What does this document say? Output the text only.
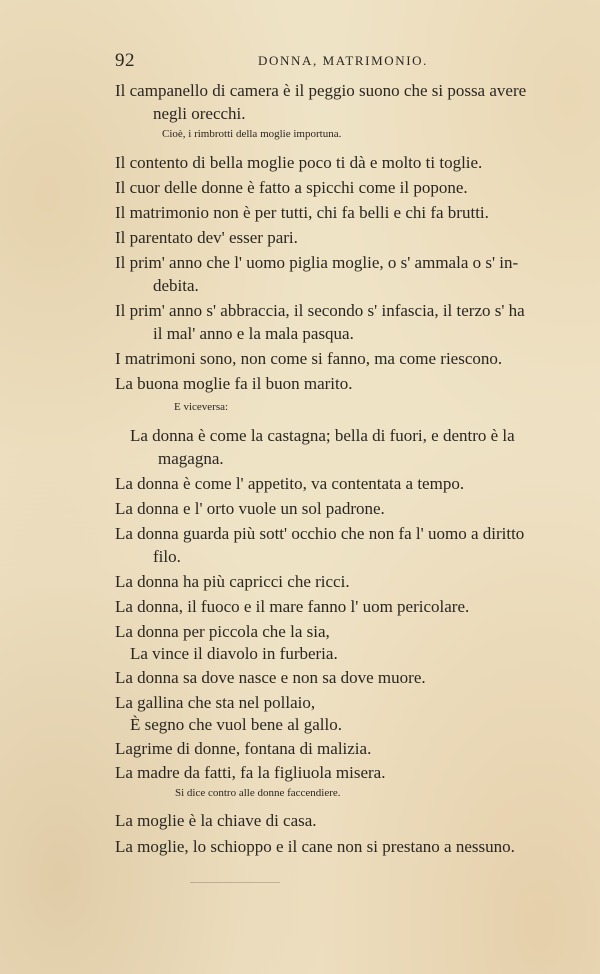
92	DONNA, MATRIMONIO.
Il campanello di camera è il peggio suono che si possa avere
negli orecchi.
Cioè, i rimbrotti della moglie importuna.
Il contento di bella moglie poco ti dà e molto ti toglie.
Il cuor delle donne è fatto a spicchi come il popone.
Il matrimonio non è per tutti, chi fa belli e chi fa brutti.
Il parentato dev' esser pari.
Il prim' anno che l' uomo piglia moglie, o s' ammala o s' in-
debita.
Il prim' anno s' abbraccia, il secondo s' infascia, il terzo s' ha
il mal' anno e la mala pasqua.
I matrimoni sono, non come si fanno, ma come riescono.
La buona moglie fa il buon marito.
E viceversa:
La donna è come la castagna; bella di fuori, e dentro è la
magagna.
La donna è come l' appetito, va contentata a tempo.
La donna e l' orto vuole un sol padrone.
La donna guarda più sott' occhio che non fa l' uomo a diritto
filo.
La donna ha più capricci che ricci.
La donna, il fuoco e il mare fanno l' uom pericolare.
La donna per piccola che la sia,
La vince il diavolo in furberia.
La donna sa dove nasce e non sa dove muore.
La gallina che sta nel pollaio,
È segno che vuol bene al gallo.
Lagrime di donne, fontana di malizia.
La madre da fatti, fa la figliuola misera.
Si dice contro alle donne faccendiere.
La moglie è la chiave di casa.
La moglie, lo schioppo e il cane non si prestano a nessuno.
